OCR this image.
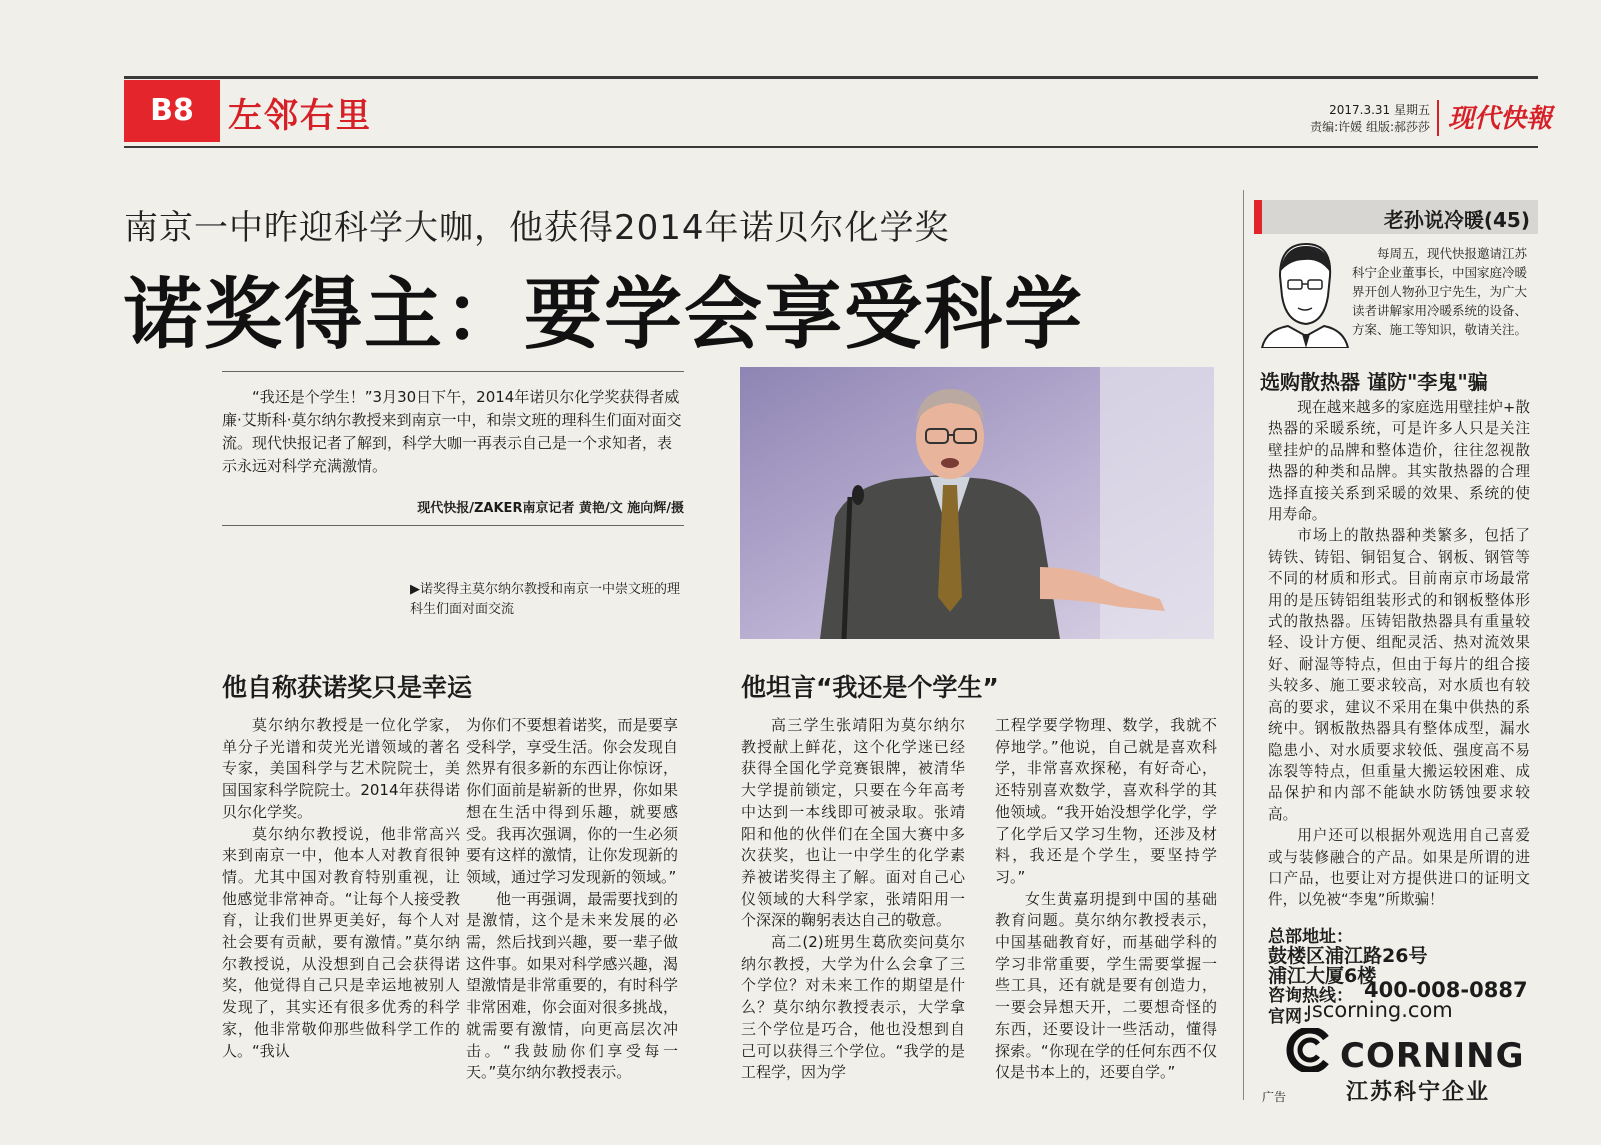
B8	左邻右里	2017.3.31 星期五
责编:许媛 组版:郝莎莎 现代快報
南京一中昨迎科学大咖，他获得2014年诺贝尔化学奖
诺奖得主：要学会享受科学
“我还是个学生！”3月30日下午，2014年诺贝尔化学奖获得者威廉·艾斯科·莫尔纳尔教授来到南京一中，和崇文班的理科生们面对面交流。现代快报记者了解到，科学大咖一再表示自己是一个求知者，表示永远对科学充满激情。
现代快报/ZAKER南京记者 黄艳/文 施向辉/摄
▶诺奖得主莫尔纳尔教授和南京一中崇文班的理科生们面对面交流
他自称获诺奖只是幸运	他坦言“我还是个学生”

莫尔纳尔教授是一位化学家，单分子光谱和荧光光谱领域的著名专家，美国科学与艺术院院士，美国国家科学院院士。2014年获得诺贝尔化学奖。

莫尔纳尔教授说，他非常高兴来到南京一中，他本人对教育很钟情。尤其中国对教育特别重视，让他感觉非常神奇。“让每个人接受教育，让我们世界更美好，每个人对社会要有贡献，要有激情。”莫尔纳尔教授说，从没想到自己会获得诺奖，他觉得自己只是幸运地被别人发现了，其实还有很多优秀的科学家，他非常敬仰那些做科学工作的人。“我认

为你们不要想着诺奖，而是要享受科学，享受生活。你会发现自然界有很多新的东西让你惊讶，你们面前是崭新的世界，你如果想在生活中得到乐趣，就要感受。我再次强调，你的一生必须要有这样的激情，让你发现新的领域，通过学习发现新的领域。”

他一再强调，最需要找到的是激情，这个是未来发展的必需，然后找到兴趣，要一辈子做这件事。如果对科学感兴趣，渴望激情是非常重要的，有时科学非常困难，你会面对很多挑战，就需要有激情，向更高层次冲击。“我鼓励你们享受每一天。”莫尔纳尔教授表示。

高三学生张靖阳为莫尔纳尔教授献上鲜花，这个化学迷已经获得全国化学竞赛银牌，被清华大学提前锁定，只要在今年高考中达到一本线即可被录取。张靖阳和他的伙伴们在全国大赛中多次获奖，也让一中学生的化学素养被诺奖得主了解。面对自己心仪领域的大科学家，张靖阳用一个深深的鞠躬表达自己的敬意。

高二(2)班男生葛欣奕问莫尔纳尔教授，大学为什么会拿了三个学位？对未来工作的期望是什么？莫尔纳尔教授表示，大学拿三个学位是巧合，他也没想到自己可以获得三个学位。“我学的是工程学，因为学

工程学要学物理、数学，我就不停地学。”他说，自己就是喜欢科学，非常喜欢探秘，有好奇心，还特别喜欢数学，喜欢科学的其他领域。“我开始没想学化学，学了化学后又学习生物，还涉及材料，我还是个学生，要坚持学习。”

女生黄嘉玥提到中国的基础教育问题。莫尔纳尔教授表示，中国基础教育好，而基础学科的学习非常重要，学生需要掌握一些工具，还有就是要有创造力，一要会异想天开，二要想奇怪的东西，还要设计一些活动，懂得探索。“你现在学的任何东西不仅仅是书本上的，还要自学。”

老孙说冷暖(45)
每周五，现代快报邀请江苏科宁企业董事长，中国家庭冷暖界开创人物孙卫宁先生，为广大读者讲解家用冷暖系统的设备、方案、施工等知识，敬请关注。
选购散热器 谨防"李鬼"骗

现在越来越多的家庭选用壁挂炉+散热器的采暖系统，可是许多人只是关注壁挂炉的品牌和整体造价，往往忽视散热器的种类和品牌。其实散热器的合理选择直接关系到采暖的效果、系统的使用寿命。

市场上的散热器种类繁多，包括了铸铁、铸铝、铜铝复合、钢板、钢管等不同的材质和形式。目前南京市场最常用的是压铸铝组装形式的和钢板整体形式的散热器。压铸铝散热器具有重量较轻、设计方便、组配灵活、热对流效果好、耐湿等特点，但由于每片的组合接头较多、施工要求较高，对水质也有较高的要求，建议不采用在集中供热的系统中。钢板散热器具有整体成型，漏水隐患小、对水质要求较低、强度高不易冻裂等特点，但重量大搬运较困难、成品保护和内部不能缺水防锈蚀要求较高。

用户还可以根据外观选用自己喜爱或与装修融合的产品。如果是所谓的进口产品，也要让对方提供进口的证明文件，以免被“李鬼”所欺骗！

总部地址：
鼓楼区浦江路26号
浦江大厦6楼
咨询热线： 400-008-0887
官网：
jscorning.com
CORNING
江苏科宁企业
广告
